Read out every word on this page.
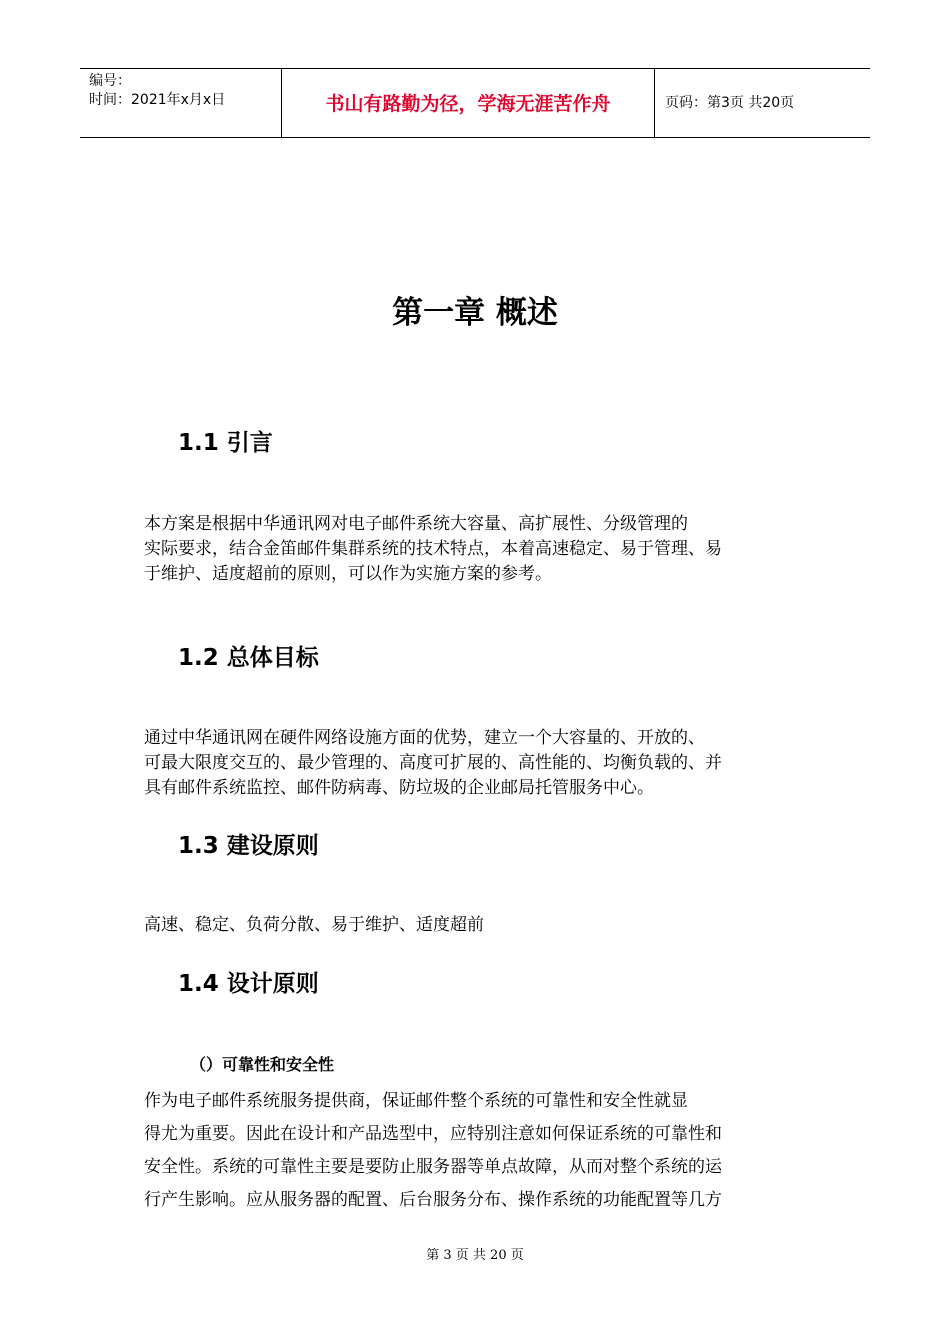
编号：
时间：2021年x月x日	书山有路勤为径，学海无涯苦作舟	页码：第3页 共20页
第一章 概述
1.1 引言
本方案是根据中华通讯网对电子邮件系统大容量、高扩展性、分级管理的
实际要求，结合金笛邮件集群系统的技术特点，本着高速稳定、易于管理、易
于维护、适度超前的原则，可以作为实施方案的参考。
1.2 总体目标
通过中华通讯网在硬件网络设施方面的优势，建立一个大容量的、开放的、
可最大限度交互的、最少管理的、高度可扩展的、高性能的、均衡负载的、并
具有邮件系统监控、邮件防病毒、防垃圾的企业邮局托管服务中心。
1.3 建设原则
高速、稳定、负荷分散、易于维护、适度超前
1.4 设计原则
（）可靠性和安全性
作为电子邮件系统服务提供商，保证邮件整个系统的可靠性和安全性就显
得尤为重要。因此在设计和产品选型中，应特别注意如何保证系统的可靠性和
安全性。系统的可靠性主要是要防止服务器等单点故障，从而对整个系统的运
行产生影响。应从服务器的配置、后台服务分布、操作系统的功能配置等几方
第 3 页 共 20 页
